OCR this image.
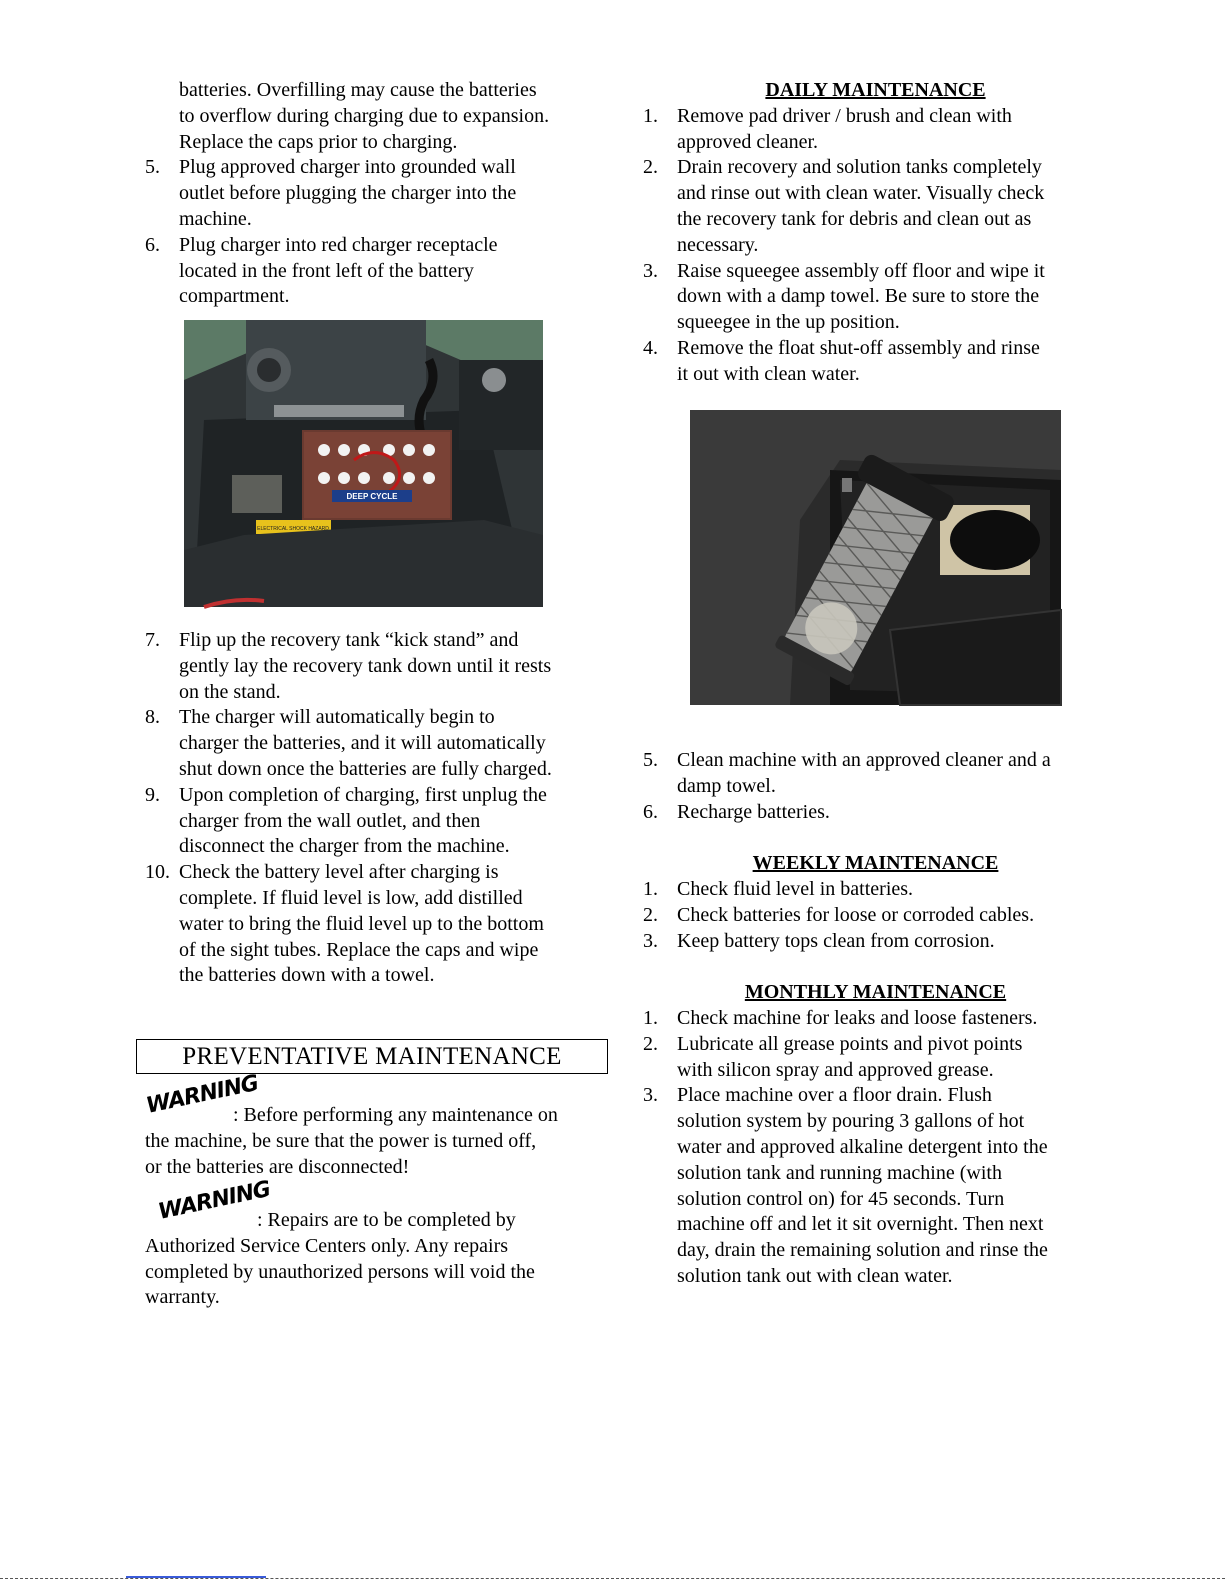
batteries. Overfilling may cause the batteries
to overflow during charging due to expansion.
Replace the caps prior to charging.
5. Plug approved charger into grounded wall
outlet before plugging the charger into the
machine.
6. Plug charger into red charger receptacle
located in the front left of the battery
compartment.
DEEP CYCLE
ELECTRICAL SHOCK HAZARD
7. Flip up the recovery tank “kick stand” and
gently lay the recovery tank down until it rests
on the stand.
8. The charger will automatically begin to
charger the batteries, and it will automatically
shut down once the batteries are fully charged.
9. Upon completion of charging, first unplug the
charger from the wall outlet, and then
disconnect the charger from the machine.
10. Check the battery level after charging is
complete. If fluid level is low, add distilled
water to bring the fluid level up to the bottom
of the sight tubes. Replace the caps and wipe
the batteries down with a towel.
PREVENTATIVE MAINTENANCE
WARNING
: Before performing any maintenance on
the machine, be sure that the power is turned off,
or the batteries are disconnected!
WARNING
: Repairs are to be completed by
Authorized Service Centers only. Any repairs
completed by unauthorized persons will void the
warranty.
DAILY MAINTENANCE
1. Remove pad driver / brush and clean with
approved cleaner.
2. Drain recovery and solution tanks completely
and rinse out with clean water. Visually check
the recovery tank for debris and clean out as
necessary.
3. Raise squeegee assembly off floor and wipe it
down with a damp towel. Be sure to store the
squeegee in the up position.
4. Remove the float shut-off assembly and rinse
it out with clean water.
5. Clean machine with an approved cleaner and a
damp towel.
6. Recharge batteries.
WEEKLY MAINTENANCE
1. Check fluid level in batteries.
2. Check batteries for loose or corroded cables.
3. Keep battery tops clean from corrosion.
MONTHLY MAINTENANCE
1. Check machine for leaks and loose fasteners.
2. Lubricate all grease points and pivot points
with silicon spray and approved grease.
3. Place machine over a floor drain. Flush
solution system by pouring 3 gallons of hot
water and approved alkaline detergent into the
solution tank and running machine (with
solution control on) for 45 seconds. Turn
machine off and let it sit overnight. Then next
day, drain the remaining solution and rinse the
solution tank out with clean water.
